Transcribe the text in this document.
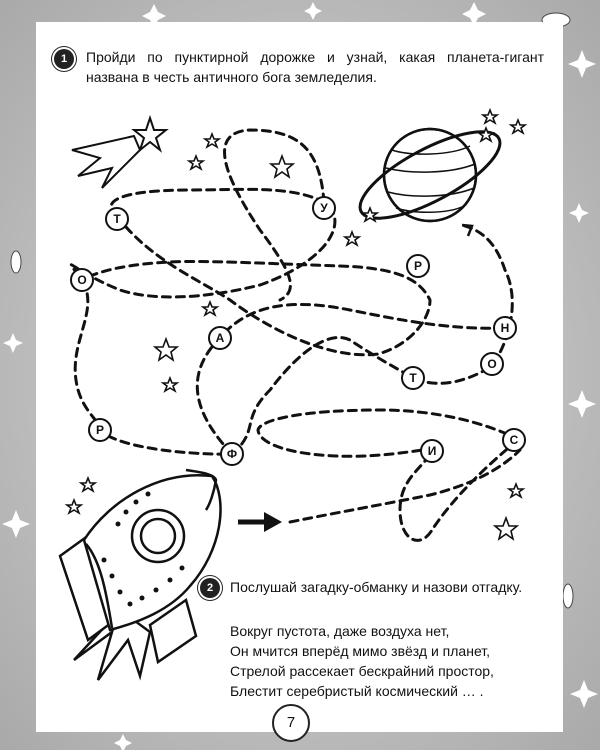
1	Пройди по пунктирной дорожке и узнай, какая планета-гигант названа в честь античного бога земледелия.
Т
У
О
Р
А
Н
О
Т
Р
Ф	И
С
2	Послушай загадку-обманку и назови отгадку.
Вокруг пустота, даже воздуха нет,
Он мчится вперёд мимо звёзд и планет,
Стрелой рассекает бескрайний простор,
Блестит серебристый космический … .
7
